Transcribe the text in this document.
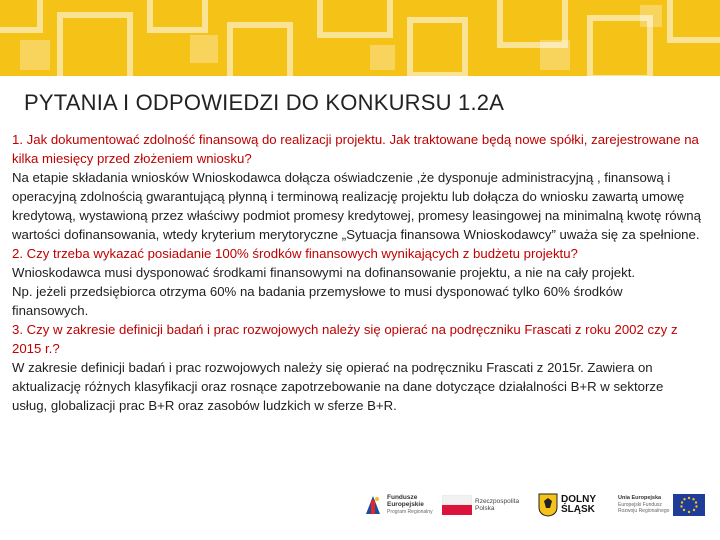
PYTANIA I ODPOWIEDZI DO KONKURSU 1.2A

1. Jak dokumentować zdolność finansową do realizacji projektu. Jak traktowane będą nowe spółki, zarejestrowane na kilka miesięcy przed złożeniem wniosku?

Na etapie składania wniosków Wnioskodawca dołącza oświadczenie ,że dysponuje administracyjną , finansową i operacyjną zdolnością gwarantującą płynną i terminową realizację projektu lub dołącza do wniosku zawartą umowę kredytową, wystawioną przez właściwy podmiot promesy kredytowej, promesy leasingowej na minimalną kwotę równą wartości dofinansowania, wtedy kryterium merytoryczne „Sytuacja finansowa Wnioskodawcy” uważa się za spełnione.

2. Czy trzeba wykazać posiadanie 100% środków finansowych wynikających z budżetu projektu?

Wnioskodawca musi dysponować środkami finansowymi na dofinansowanie projektu, a nie na cały projekt.

Np. jeżeli przedsiębiorca otrzyma 60% na badania przemysłowe to musi dysponować tylko 60% środków finansowych.

3. Czy w zakresie definicji badań i prac rozwojowych należy się opierać na podręczniku Frascati z roku 2002 czy z 2015 r.?

W zakresie definicji badań i prac rozwojowych należy się opierać na podręczniku Frascati z 2015r. Zawiera on aktualizację różnych klasyfikacji oraz rosnące zapotrzebowanie na dane dotyczące działalności B+R w sektorze usług, globalizacji prac B+R oraz zasobów ludzkich w sferze B+R.

Fundusze
Europejskie
Program Regionalny
Rzeczpospolita
Polska
DOLNY
ŚLĄSK
Unia Europejska

Europejski Fundusz
Rozwoju Regionalnego
